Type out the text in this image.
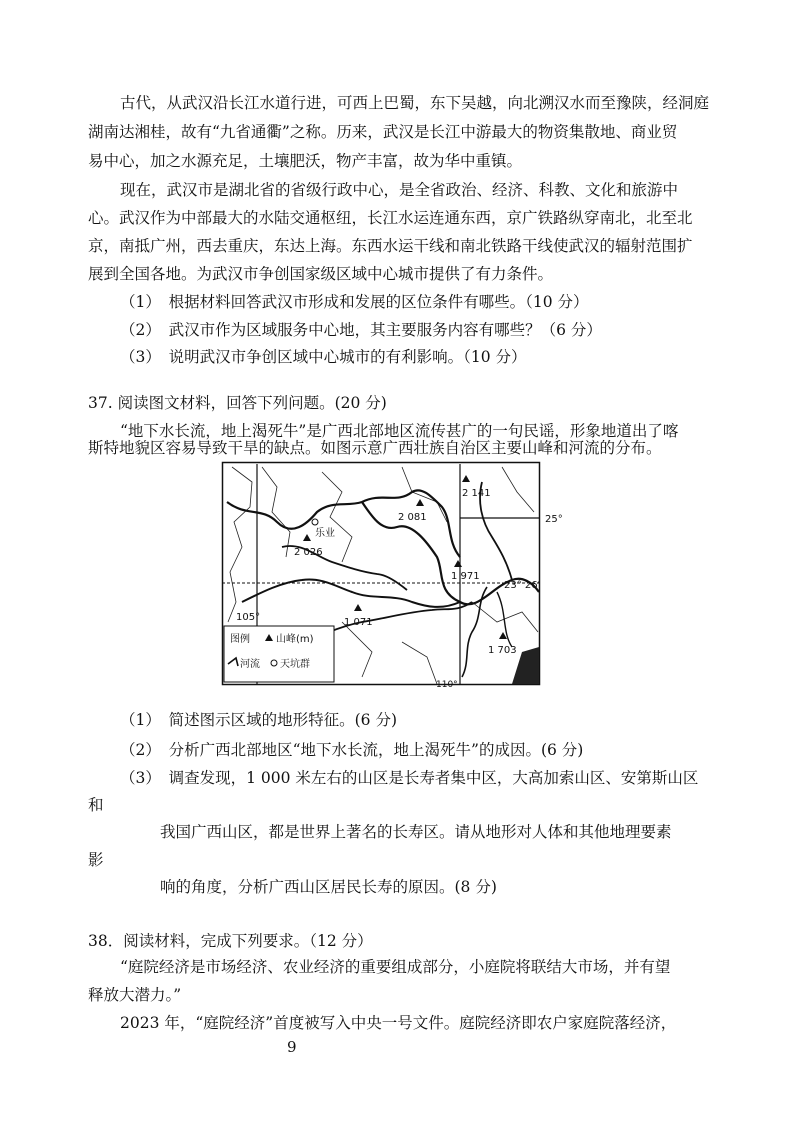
古代，从武汉沿长江水道行进，可西上巴蜀，东下吴越，向北溯汉水而至豫陕，经洞庭
湖南达湘桂，故有“九省通衢”之称。历来，武汉是长江中游最大的物资集散地、商业贸
易中心，加之水源充足，土壤肥沃，物产丰富，故为华中重镇。
现在，武汉市是湖北省的省级行政中心，是全省政治、经济、科教、文化和旅游中
心。武汉作为中部最大的水陆交通枢纽，长江水运连通东西，京广铁路纵穿南北，北至北
京，南抵广州，西去重庆，东达上海。东西水运干线和南北铁路干线使武汉的辐射范围扩
展到全国各地。为武汉市争创国家级区域中心城市提供了有力条件。
（1）　根据材料回答武汉市形成和发展的区位条件有哪些。（10 分）
（2）　武汉市作为区域服务中心地，其主要服务内容有哪些？（6 分）
（3）　说明武汉市争创区域中心城市的有利影响。（10 分）
37. 阅读图文材料，回答下列问题。(20 分)
“地下水长流，地上渴死牛”是广西北部地区流传甚广的一句民谣，形象地道出了喀
斯特地貌区容易导致干旱的缺点。如图示意广西壮族自治区主要山峰和河流的分布。
2 141
2 081
2 026
1 971
1 071
1 703
乐业
25°
23° 26′
105°
图例	山峰(m)
河流 天坑群
110°
（1）　简述图示区域的地形特征。(6 分)
（2）　分析广西北部地区“地下水长流，地上渴死牛”的成因。(6 分)
（3）　调查发现，1 000 米左右的山区是长寿者集中区，大高加索山区、安第斯山区
和
我国广西山区，都是世界上著名的长寿区。请从地形对人体和其他地理要素
影
响的角度，分析广西山区居民长寿的原因。(8 分)
38．阅读材料，完成下列要求。（12 分）
“庭院经济是市场经济、农业经济的重要组成部分，小庭院将联结大市场，并有望
释放大潜力。”
2023 年，“庭院经济”首度被写入中央一号文件。庭院经济即农户家庭院落经济，
9
